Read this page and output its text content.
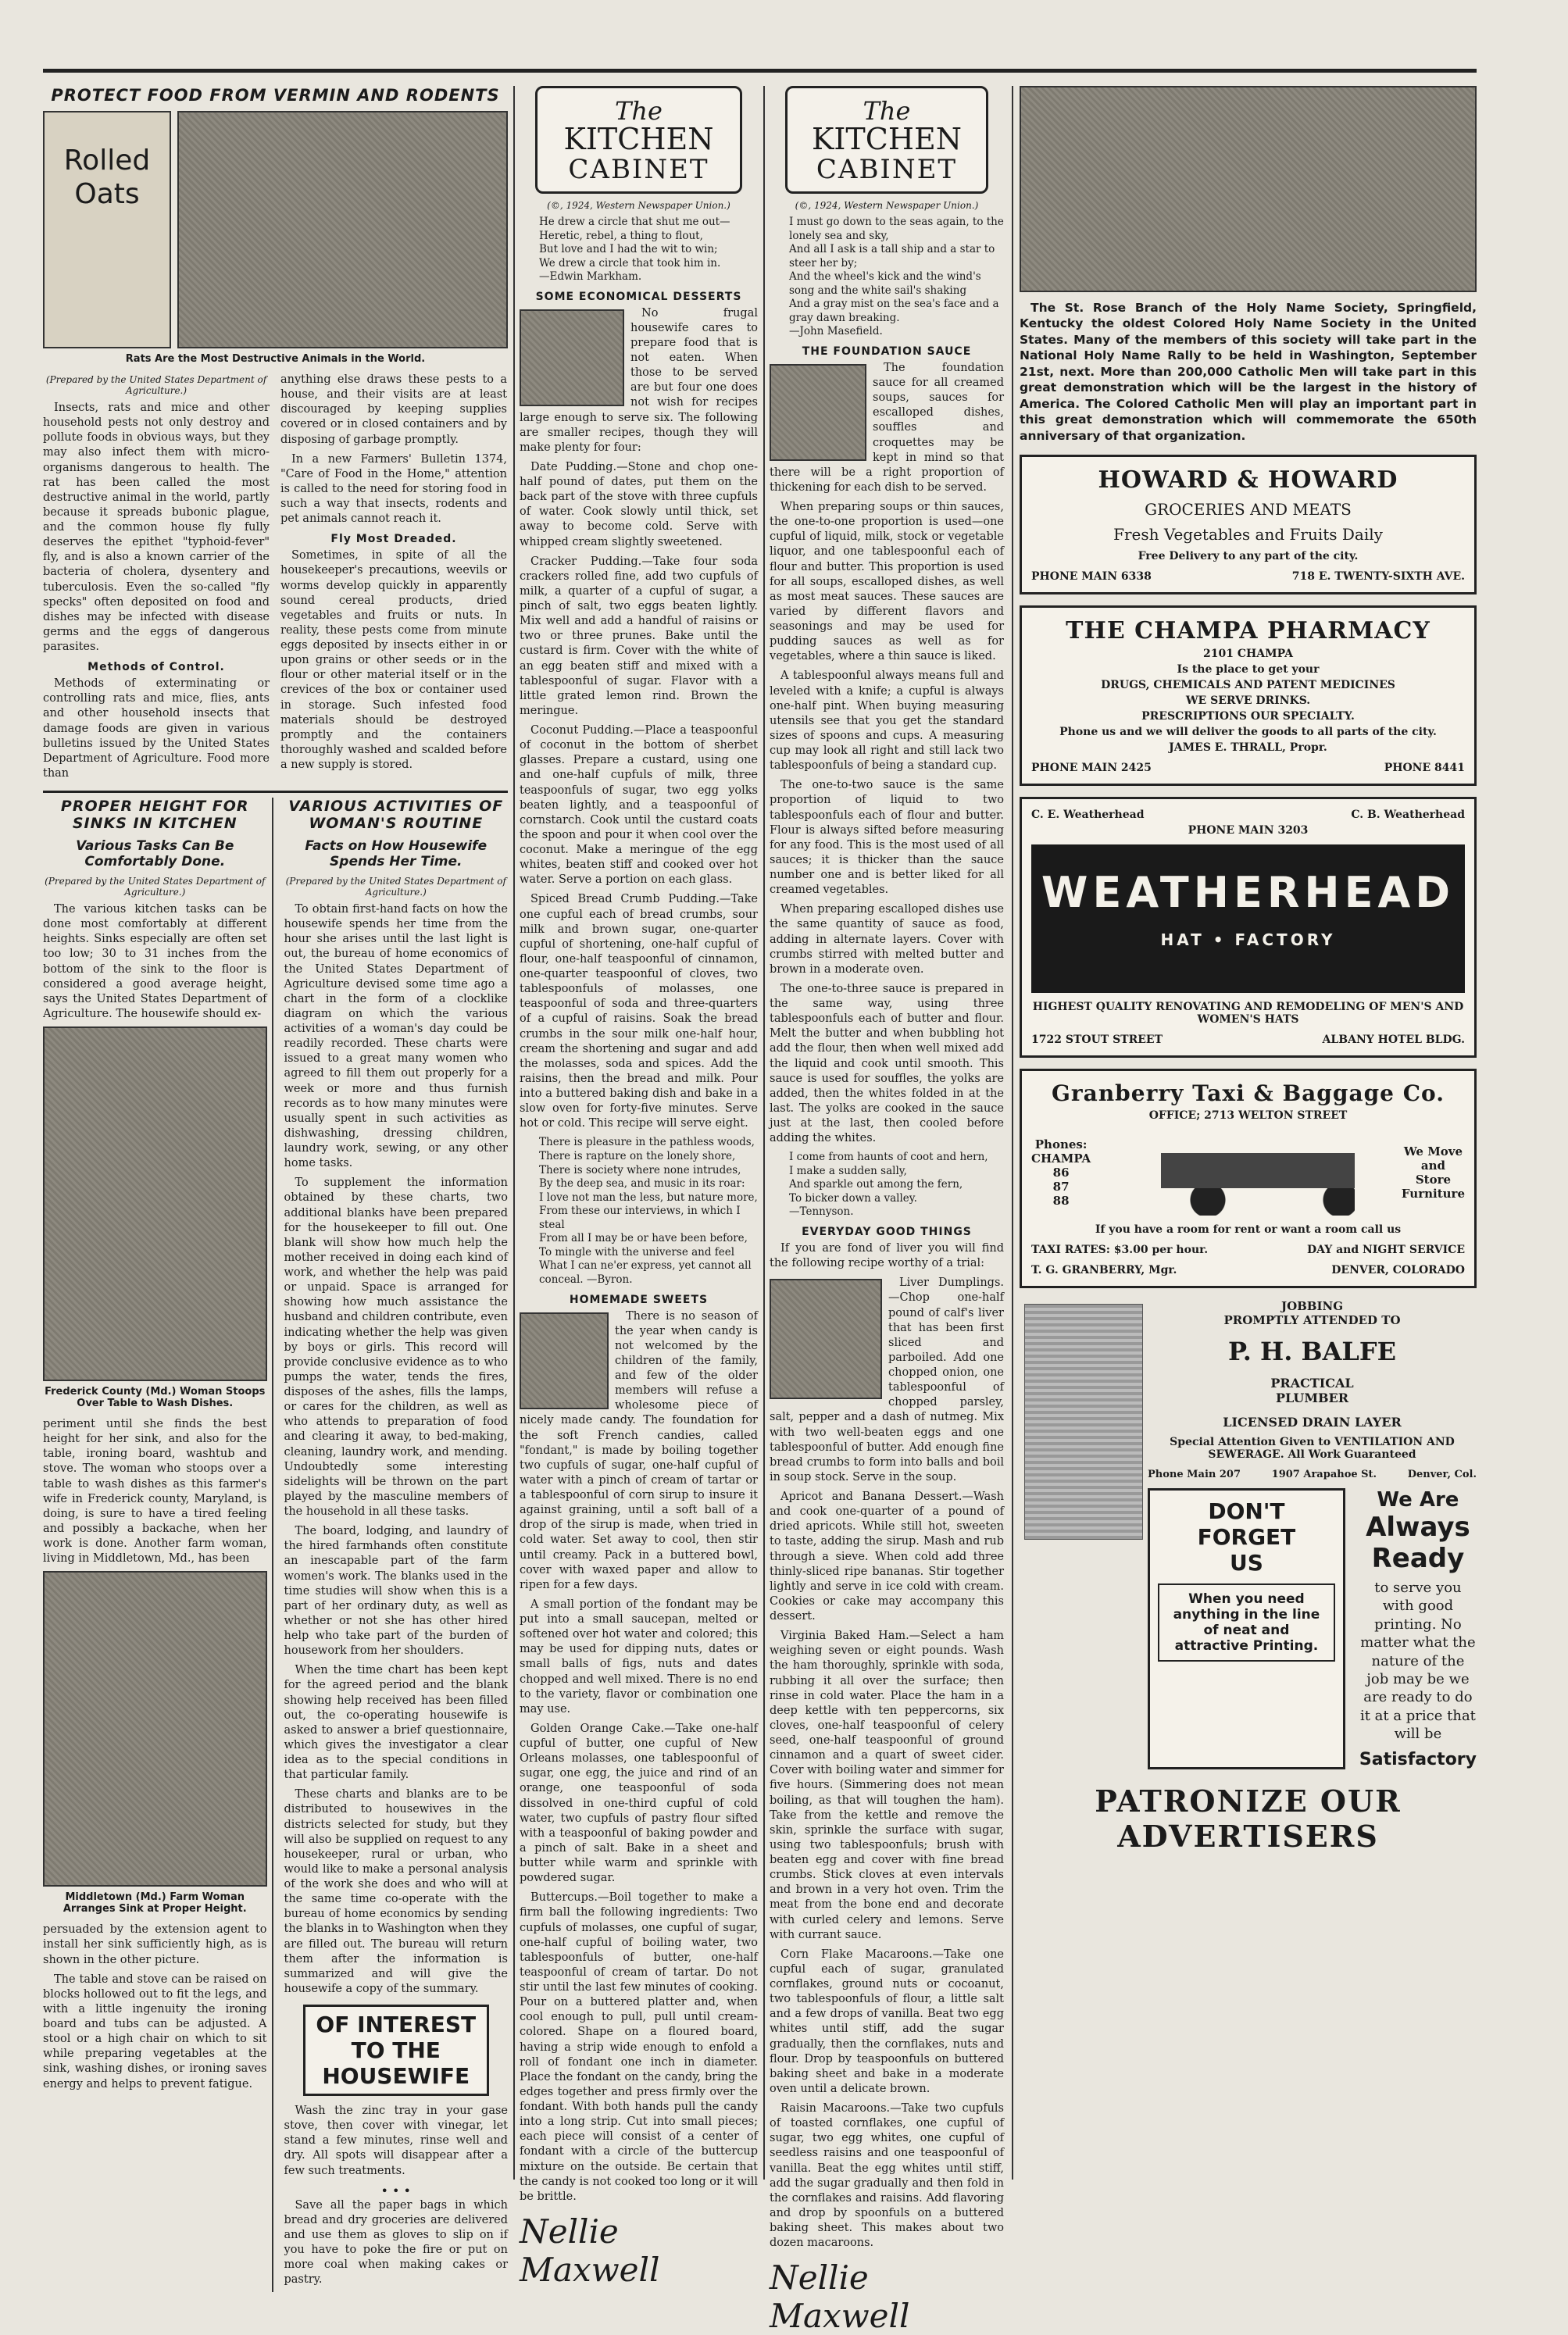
PROTECT FOOD FROM VERMIN AND RODENTS
Rolled Oats
Rats Are the Most Destructive Animals in the World.
(Prepared by the United States Department of Agriculture.)

Insects, rats and mice and other household pests not only destroy and pollute foods in obvious ways, but they may also infect them with micro-organisms dangerous to health. The rat has been called the most destructive animal in the world, partly because it spreads bubonic plague, and the common house fly fully deserves the epithet "typhoid-fever" fly, and is also a known carrier of the bacteria of cholera, dysentery and tuberculosis. Even the so-called "fly specks" often deposited on food and dishes may be infected with disease germs and the eggs of dangerous parasites.

Methods of Control.

Methods of exterminating or controlling rats and mice, flies, ants and other household insects that damage foods are given in various bulletins issued by the United States Department of Agriculture. Food more than

anything else draws these pests to a house, and their visits are at least discouraged by keeping supplies covered or in closed containers and by disposing of garbage promptly.

In a new Farmers' Bulletin 1374, "Care of Food in the Home," attention is called to the need for storing food in such a way that insects, rodents and pet animals cannot reach it.

Fly Most Dreaded.

Sometimes, in spite of all the housekeeper's precautions, weevils or worms develop quickly in apparently sound cereal products, dried vegetables and fruits or nuts. In reality, these pests come from minute eggs deposited by insects either in or upon grains or other seeds or in the flour or other material itself or in the crevices of the box or container used in storage. Such infested food materials should be destroyed promptly and the containers thoroughly washed and scalded before a new supply is stored.

PROPER HEIGHT FOR SINKS IN KITCHEN
Various Tasks Can Be Comfortably Done.
(Prepared by the United States Department of Agriculture.)

The various kitchen tasks can be done most comfortably at different heights. Sinks especially are often set too low; 30 to 31 inches from the bottom of the sink to the floor is considered a good average height, says the United States Department of Agriculture. The housewife should ex-

Frederick County (Md.) Woman Stoops Over Table to Wash Dishes.

periment until she finds the best height for her sink, and also for the table, ironing board, washtub and stove. The woman who stoops over a table to wash dishes as this farmer's wife in Frederick county, Maryland, is doing, is sure to have a tired feeling and possibly a backache, when her work is done. Another farm woman, living in Middletown, Md., has been

Middletown (Md.) Farm Woman Arranges Sink at Proper Height.

persuaded by the extension agent to install her sink sufficiently high, as is shown in the other picture.

The table and stove can be raised on blocks hollowed out to fit the legs, and with a little ingenuity the ironing board and tubs can be adjusted. A stool or a high chair on which to sit while preparing vegetables at the sink, washing dishes, or ironing saves energy and helps to prevent fatigue.

VARIOUS ACTIVITIES OF WOMAN'S ROUTINE
Facts on How Housewife Spends Her Time.
(Prepared by the United States Department of Agriculture.)

To obtain first-hand facts on how the housewife spends her time from the hour she arises until the last light is out, the bureau of home economics of the United States Department of Agriculture devised some time ago a chart in the form of a clocklike diagram on which the various activities of a woman's day could be readily recorded. These charts were issued to a great many women who agreed to fill them out properly for a week or more and thus furnish records as to how many minutes were usually spent in such activities as dishwashing, dressing children, laundry work, sewing, or any other home tasks.

To supplement the information obtained by these charts, two additional blanks have been prepared for the housekeeper to fill out. One blank will show how much help the mother received in doing each kind of work, and whether the help was paid or unpaid. Space is arranged for showing how much assistance the husband and children contribute, even indicating whether the help was given by boys or girls. This record will provide conclusive evidence as to who pumps the water, tends the fires, disposes of the ashes, fills the lamps, or cares for the children, as well as who attends to preparation of food and clearing it away, to bed-making, cleaning, laundry work, and mending. Undoubtedly some interesting sidelights will be thrown on the part played by the masculine members of the household in all these tasks.

The board, lodging, and laundry of the hired farmhands often constitute an inescapable part of the farm women's work. The blanks used in the time studies will show when this is a part of her ordinary duty, as well as whether or not she has other hired help who take part of the burden of housework from her shoulders.

When the time chart has been kept for the agreed period and the blank showing help received has been filled out, the co-operating housewife is asked to answer a brief questionnaire, which gives the investigator a clear idea as to the special conditions in that particular family.

These charts and blanks are to be distributed to housewives in the districts selected for study, but they will also be supplied on request to any housekeeper, rural or urban, who would like to make a personal analysis of the work she does and who will at the same time co-operate with the bureau of home economics by sending the blanks in to Washington when they are filled out. The bureau will return them after the information is summarized and will give the housewife a copy of the summary.

OF INTEREST TO THE HOUSEWIFE

Wash the zinc tray in your gase stove, then cover with vinegar, let stand a few minutes, rinse well and dry. All spots will disappear after a few such treatments.

• • •

Save all the paper bags in which bread and dry groceries are delivered and use them as gloves to slip on if you have to poke the fire or put on more coal when making cakes or pastry.

The KITCHEN
CABINET
(©, 1924, Western Newspaper Union.)
He drew a circle that shut me out—
Heretic, rebel, a thing to flout,
But love and I had the wit to win;
We drew a circle that took him in.
—Edwin Markham.
SOME ECONOMICAL DESSERTS

No frugal housewife cares to prepare food that is not eaten. When those to be served are but four one does not wish for recipes large enough to serve six. The following are smaller recipes, though they will make plenty for four:

Date Pudding.—Stone and chop one-half pound of dates, put them on the back part of the stove with three cupfuls of water. Cook slowly until thick, set away to become cold. Serve with whipped cream slightly sweetened.

Cracker Pudding.—Take four soda crackers rolled fine, add two cupfuls of milk, a quarter of a cupful of sugar, a pinch of salt, two eggs beaten lightly. Mix well and add a handful of raisins or two or three prunes. Bake until the custard is firm. Cover with the white of an egg beaten stiff and mixed with a tablespoonful of sugar. Flavor with a little grated lemon rind. Brown the meringue.

Coconut Pudding.—Place a teaspoonful of coconut in the bottom of sherbet glasses. Prepare a custard, using one and one-half cupfuls of milk, three teaspoonfuls of sugar, two egg yolks beaten lightly, and a teaspoonful of cornstarch. Cook until the custard coats the spoon and pour it when cool over the coconut. Make a meringue of the egg whites, beaten stiff and cooked over hot water. Serve a portion on each glass.

Spiced Bread Crumb Pudding.—Take one cupful each of bread crumbs, sour milk and brown sugar, one-quarter cupful of shortening, one-half cupful of flour, one-half teaspoonful of cinnamon, one-quarter teaspoonful of cloves, two tablespoonfuls of molasses, one teaspoonful of soda and three-quarters of a cupful of raisins. Soak the bread crumbs in the sour milk one-half hour, cream the shortening and sugar and add the molasses, soda and spices. Add the raisins, then the bread and milk. Pour into a buttered baking dish and bake in a slow oven for forty-five minutes. Serve hot or cold. This recipe will serve eight.

There is pleasure in the pathless woods,
There is rapture on the lonely shore,
There is society where none intrudes,
By the deep sea, and music in its roar:
I love not man the less, but nature more,
From these our interviews, in which I steal
From all I may be or have been before,
To mingle with the universe and feel
What I can ne'er express, yet cannot all conceal. —Byron.
HOMEMADE SWEETS

There is no season of the year when candy is not welcomed by the children of the family, and few of the older members will refuse a wholesome piece of nicely made candy. The foundation for the soft French candies, called "fondant," is made by boiling together two cupfuls of sugar, one-half cupful of water with a pinch of cream of tartar or a tablespoonful of corn sirup to insure it against graining, until a soft ball of a drop of the sirup is made, when tried in cold water. Set away to cool, then stir until creamy. Pack in a buttered bowl, cover with waxed paper and allow to ripen for a few days.

A small portion of the fondant may be put into a small saucepan, melted or softened over hot water and colored; this may be used for dipping nuts, dates or small balls of figs, nuts and dates chopped and well mixed. There is no end to the variety, flavor or combination one may use.

Golden Orange Cake.—Take one-half cupful of butter, one cupful of New Orleans molasses, one tablespoonful of sugar, one egg, the juice and rind of an orange, one teaspoonful of soda dissolved in one-third cupful of cold water, two cupfuls of pastry flour sifted with a teaspoonful of baking powder and a pinch of salt. Bake in a sheet and butter while warm and sprinkle with powdered sugar.

Buttercups.—Boil together to make a firm ball the following ingredients: Two cupfuls of molasses, one cupful of sugar, one-half cupful of boiling water, two tablespoonfuls of butter, one-half teaspoonful of cream of tartar. Do not stir until the last few minutes of cooking. Pour on a buttered platter and, when cool enough to pull, pull until cream-colored. Shape on a floured board, having a strip wide enough to enfold a roll of fondant one inch in diameter. Place the fondant on the candy, bring the edges together and press firmly over the fondant. With both hands pull the candy into a long strip. Cut into small pieces; each piece will consist of a center of fondant with a circle of the buttercup mixture on the outside. Be certain that the candy is not cooked too long or it will be brittle.

Nellie Maxwell
The KITCHEN
CABINET
(©, 1924, Western Newspaper Union.)
I must go down to the seas again, to the lonely sea and sky,
And all I ask is a tall ship and a star to steer her by;
And the wheel's kick and the wind's song and the white sail's shaking
And a gray mist on the sea's face and a gray dawn breaking.
—John Masefield.
THE FOUNDATION SAUCE

The foundation sauce for all creamed soups, sauces for escalloped dishes, souffles and croquettes may be kept in mind so that there will be a right proportion of thickening for each dish to be served.

When preparing soups or thin sauces, the one-to-one proportion is used—one cupful of liquid, milk, stock or vegetable liquor, and one tablespoonful each of flour and butter. This proportion is used for all soups, escalloped dishes, as well as most meat sauces. These sauces are varied by different flavors and seasonings and may be used for pudding sauces as well as for vegetables, where a thin sauce is liked.

A tablespoonful always means full and leveled with a knife; a cupful is always one-half pint. When buying measuring utensils see that you get the standard sizes of spoons and cups. A measuring cup may look all right and still lack two tablespoonfuls of being a standard cup.

The one-to-two sauce is the same proportion of liquid to two tablespoonfuls each of flour and butter. Flour is always sifted before measuring for any food. This is the most used of all sauces; it is thicker than the sauce number one and is better liked for all creamed vegetables.

When preparing escalloped dishes use the same quantity of sauce as food, adding in alternate layers. Cover with crumbs stirred with melted butter and brown in a moderate oven.

The one-to-three sauce is prepared in the same way, using three tablespoonfuls each of butter and flour. Melt the butter and when bubbling hot add the flour, then when well mixed add the liquid and cook until smooth. This sauce is used for souffles, the yolks are added, then the whites folded in at the last. The yolks are cooked in the sauce just at the last, then cooled before adding the whites.

I come from haunts of coot and hern,
I make a sudden sally,
And sparkle out among the fern,
To bicker down a valley.
—Tennyson.
EVERYDAY GOOD THINGS

If you are fond of liver you will find the following recipe worthy of a trial:

Liver Dumplings.—Chop one-half pound of calf's liver that has been first sliced and parboiled. Add one chopped onion, one tablespoonful of chopped parsley, salt, pepper and a dash of nutmeg. Mix with two well-beaten eggs and one tablespoonful of butter. Add enough fine bread crumbs to form into balls and boil in soup stock. Serve in the soup.

Apricot and Banana Dessert.—Wash and cook one-quarter of a pound of dried apricots. While still hot, sweeten to taste, adding the sirup. Mash and rub through a sieve. When cold add three thinly-sliced ripe bananas. Stir together lightly and serve in ice cold with cream. Cookies or cake may accompany this dessert.

Virginia Baked Ham.—Select a ham weighing seven or eight pounds. Wash the ham thoroughly, sprinkle with soda, rubbing it all over the surface; then rinse in cold water. Place the ham in a deep kettle with ten peppercorns, six cloves, one-half teaspoonful of celery seed, one-half teaspoonful of ground cinnamon and a quart of sweet cider. Cover with boiling water and simmer for five hours. (Simmering does not mean boiling, as that will toughen the ham). Take from the kettle and remove the skin, sprinkle the surface with sugar, using two tablespoonfuls; brush with beaten egg and cover with fine bread crumbs. Stick cloves at even intervals and brown in a very hot oven. Trim the meat from the bone end and decorate with curled celery and lemons. Serve with currant sauce.

Corn Flake Macaroons.—Take one cupful each of sugar, granulated cornflakes, ground nuts or cocoanut, two tablespoonfuls of flour, a little salt and a few drops of vanilla. Beat two egg whites until stiff, add the sugar gradually, then the cornflakes, nuts and flour. Drop by teaspoonfuls on buttered baking sheet and bake in a moderate oven until a delicate brown.

Raisin Macaroons.—Take two cupfuls of toasted cornflakes, one cupful of sugar, two egg whites, one cupful of seedless raisins and one teaspoonful of vanilla. Beat the egg whites until stiff, add the sugar gradually and then fold in the cornflakes and raisins. Add flavoring and drop by spoonfuls on a buttered baking sheet. This makes about two dozen macaroons.

Nellie Maxwell

The St. Rose Branch of the Holy Name Society, Springfield, Kentucky the oldest Colored Holy Name Society in the United States. Many of the members of this society will take part in the National Holy Name Rally to be held in Washington, September 21st, next. More than 200,000 Catholic Men will take part in this great demonstration which will be the largest in the history of America. The Colored Catholic Men will play an important part in this great demonstration which will commemorate the 650th anniversary of that organization.

HOWARD & HOWARD
GROCERIES AND MEATS
Fresh Vegetables and Fruits Daily
Free Delivery to any part of the city.
PHONE MAIN 6338	718 E. TWENTY-SIXTH AVE.
THE CHAMPA PHARMACY
2101 CHAMPA
Is the place to get your
DRUGS, CHEMICALS AND PATENT MEDICINES
WE SERVE DRINKS.
PRESCRIPTIONS OUR SPECIALTY.
Phone us and we will deliver the goods to all parts of the city.
JAMES E. THRALL, Propr.
PHONE MAIN 2425	PHONE 8441
C. E. Weatherhead	C. B. Weatherhead
PHONE MAIN 3203
WEATHERHEAD
HAT • FACTORY
HIGHEST QUALITY RENOVATING AND REMODELING OF MEN'S AND WOMEN'S HATS
1722 STOUT STREET	ALBANY HOTEL BLDG.
Granberry Taxi & Baggage Co.
OFFICE; 2713 WELTON STREET
Phones:
CHAMPA
86
87
88
We Move
and
Store
Furniture
If you have a room for rent or want a room call us
TAXI RATES: $3.00 per hour.	DAY and NIGHT SERVICE
T. G. GRANBERRY, Mgr.	DENVER, COLORADO
JOBBING
PROMPTLY ATTENDED TO
P. H. BALFE
PRACTICAL
PLUMBER
LICENSED DRAIN LAYER
Special Attention Given to VENTILATION AND SEWERAGE. All Work Guaranteed
Phone Main 207	1907 Arapahoe St.	Denver, Col.
DON'T FORGET
US
When you need anything in the line of neat and attractive Printing.
We Are
Always Ready
to serve you with good printing. No matter what the nature of the job may be we are ready to do it at a price that will be
Satisfactory
PATRONIZE OUR ADVERTISERS
